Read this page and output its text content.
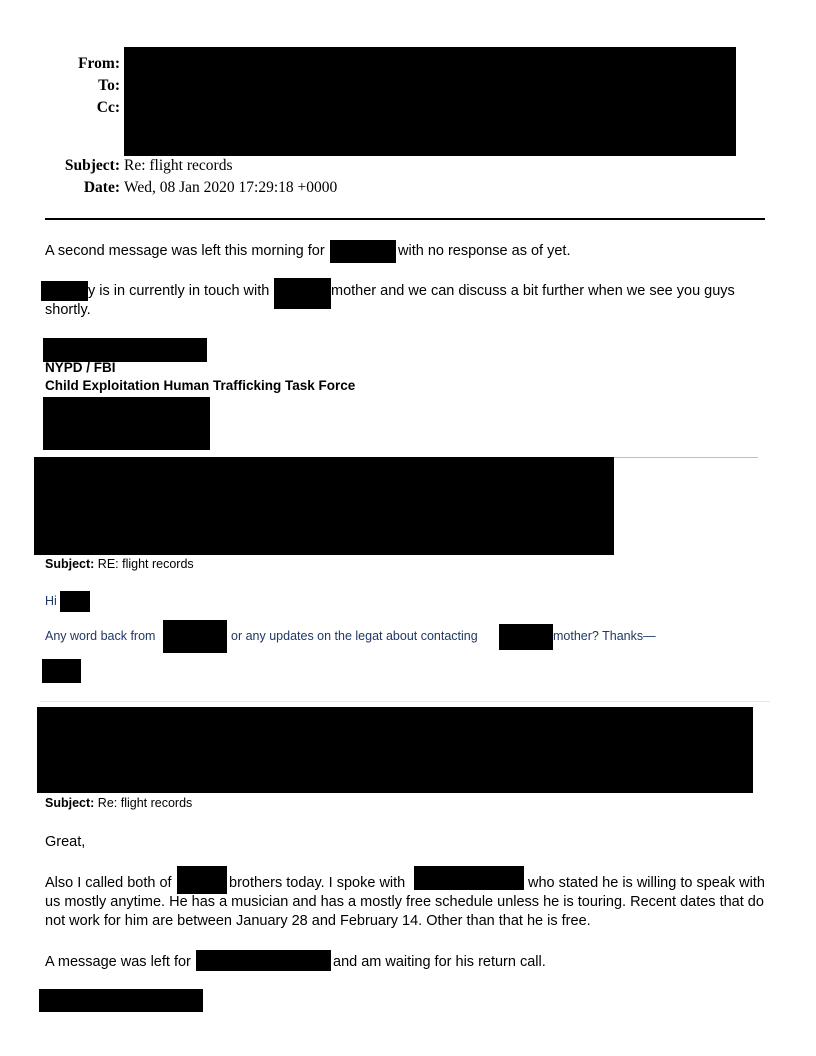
From:
To:
Cc:
Subject: Re: flight records
Date: Wed, 08 Jan 2020 17:29:18 +0000
A second message was left this morning for	with no response as of yet.
y is in currently in touch with	mother and we can discuss a bit further when we see you guys
shortly.
NYPD / FBI
Child Exploitation Human Trafficking Task Force
Subject: RE: flight records
Hi
Any word back from	or any updates on the legat about contacting	mother? Thanks—
Subject: Re: flight records
Great,
Also I called both of	brothers today. I spoke with	who stated he is willing to speak with
us mostly anytime. He has a musician and has a mostly free schedule unless he is touring. Recent dates that do
not work for him are between January 28 and February 14. Other than that he is free.
A message was left for	and am waiting for his return call.
